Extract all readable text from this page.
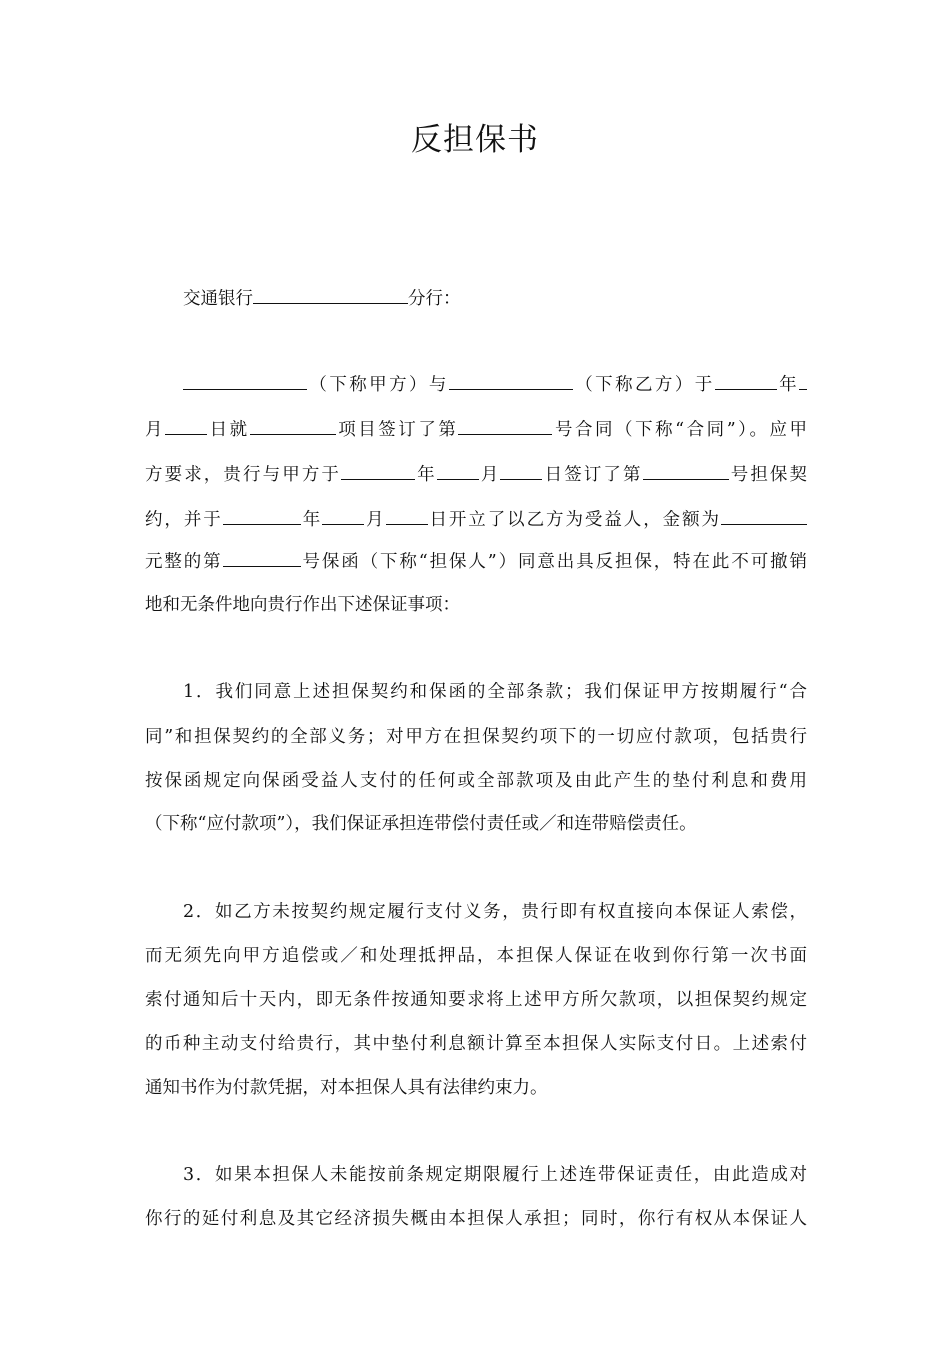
反担保书
交通银行	分行：
（下称甲方）与	（下称乙方）于	年
月 日就	项目签订了第	号合同（下称“合同”）。应甲
方要求，贵行与甲方于	年 月 日签订了第	号担保契
约，并于	年 月 日开立了以乙方为受益人，金额为
元整的第	号保函（下称“担保人”）同意出具反担保，特在此不可撤销
地和无条件地向贵行作出下述保证事项：
1．我们同意上述担保契约和保函的全部条款；我们保证甲方按期履行“合
同”和担保契约的全部义务；对甲方在担保契约项下的一切应付款项，包括贵行
按保函规定向保函受益人支付的任何或全部款项及由此产生的垫付利息和费用
（下称“应付款项”），我们保证承担连带偿付责任或／和连带赔偿责任。
2．如乙方未按契约规定履行支付义务，贵行即有权直接向本保证人索偿，
而无须先向甲方追偿或／和处理抵押品，本担保人保证在收到你行第一次书面
索付通知后十天内，即无条件按通知要求将上述甲方所欠款项，以担保契约规定
的币种主动支付给贵行，其中垫付利息额计算至本担保人实际支付日。上述索付
通知书作为付款凭据，对本担保人具有法律约束力。
3．如果本担保人未能按前条规定期限履行上述连带保证责任，由此造成对
你行的延付利息及其它经济损失概由本担保人承担；同时，你行有权从本保证人
